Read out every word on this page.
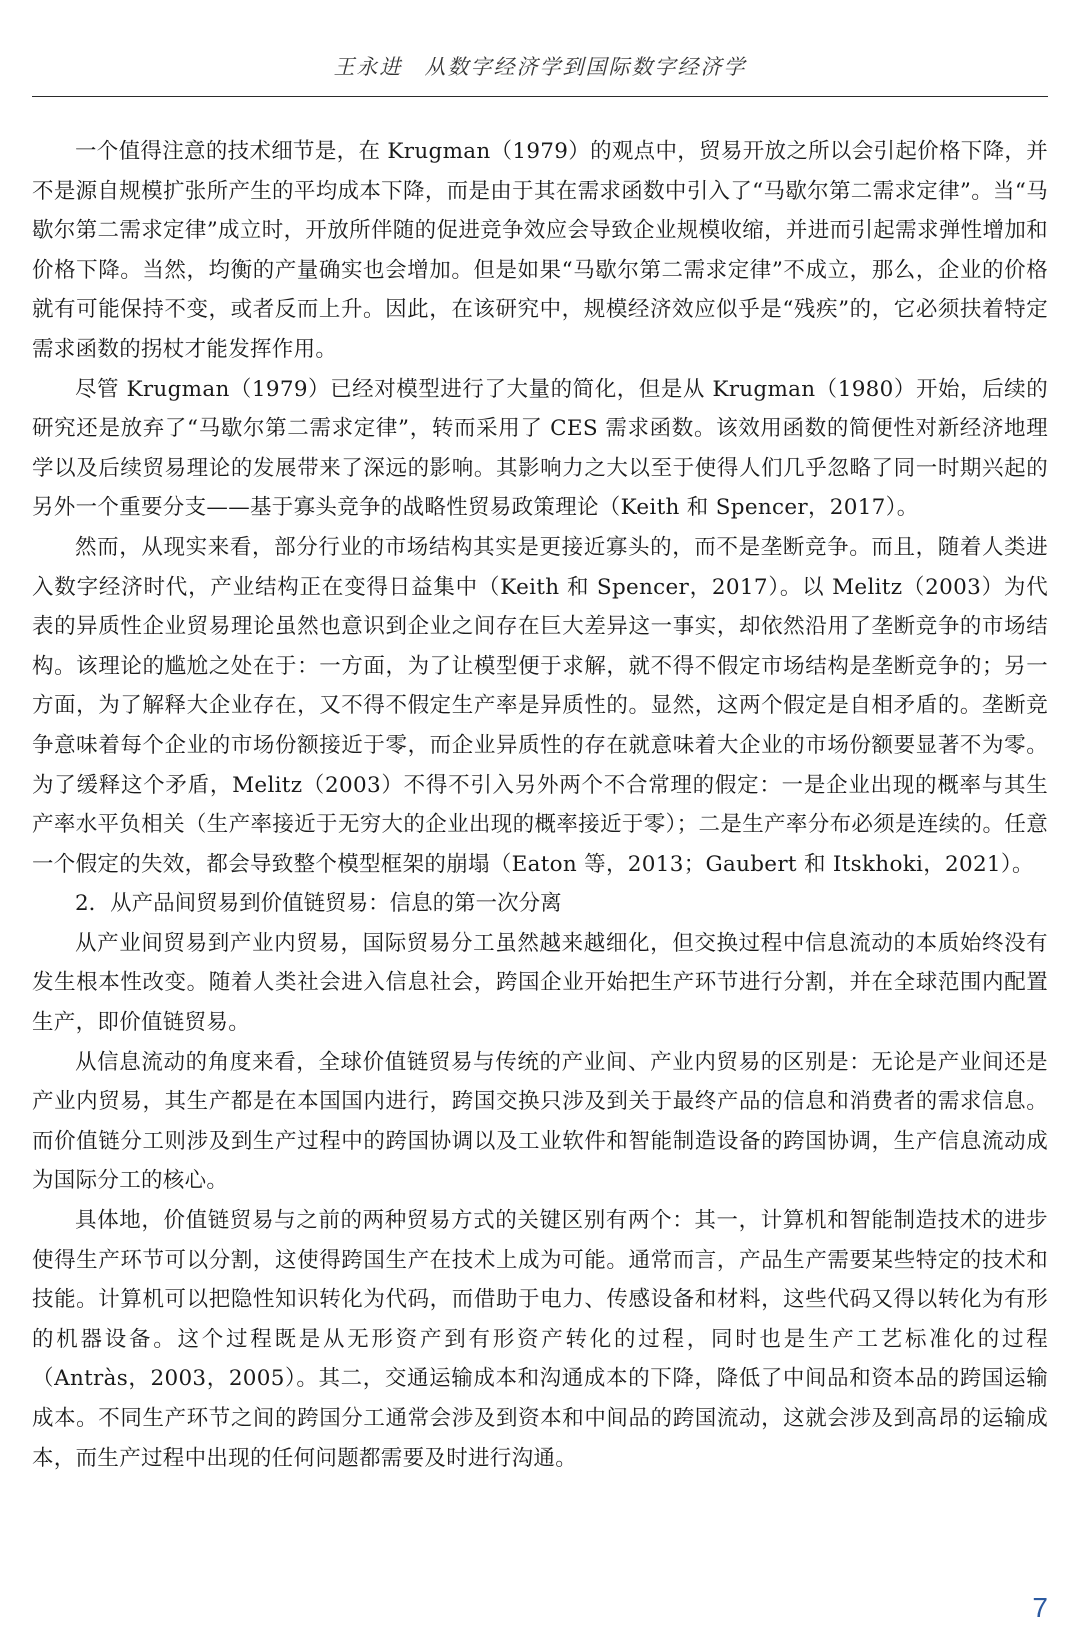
王永进 从数字经济学到国际数字经济学

一个值得注意的技术细节是，在 Krugman（1979）的观点中，贸易开放之所以会引起价格下降，并不是源自规模扩张所产生的平均成本下降，而是由于其在需求函数中引入了“马歇尔第二需求定律”。当“马歇尔第二需求定律”成立时，开放所伴随的促进竞争效应会导致企业规模收缩，并进而引起需求弹性增加和价格下降。当然，均衡的产量确实也会增加。但是如果“马歇尔第二需求定律”不成立，那么，企业的价格就有可能保持不变，或者反而上升。因此，在该研究中，规模经济效应似乎是“残疾”的，它必须扶着特定需求函数的拐杖才能发挥作用。

尽管 Krugman（1979）已经对模型进行了大量的简化，但是从 Krugman（1980）开始，后续的研究还是放弃了“马歇尔第二需求定律”，转而采用了 CES 需求函数。该效用函数的简便性对新经济地理学以及后续贸易理论的发展带来了深远的影响。其影响力之大以至于使得人们几乎忽略了同一时期兴起的另外一个重要分支——基于寡头竞争的战略性贸易政策理论（Keith 和 Spencer，2017）。

然而，从现实来看，部分行业的市场结构其实是更接近寡头的，而不是垄断竞争。而且，随着人类进入数字经济时代，产业结构正在变得日益集中（Keith 和 Spencer，2017）。以 Melitz（2003）为代表的异质性企业贸易理论虽然也意识到企业之间存在巨大差异这一事实，却依然沿用了垄断竞争的市场结构。该理论的尴尬之处在于：一方面，为了让模型便于求解，就不得不假定市场结构是垄断竞争的；另一方面，为了解释大企业存在，又不得不假定生产率是异质性的。显然，这两个假定是自相矛盾的。垄断竞争意味着每个企业的市场份额接近于零，而企业异质性的存在就意味着大企业的市场份额要显著不为零。为了缓释这个矛盾，Melitz（2003）不得不引入另外两个不合常理的假定：一是企业出现的概率与其生产率水平负相关（生产率接近于无穷大的企业出现的概率接近于零）；二是生产率分布必须是连续的。任意一个假定的失效，都会导致整个模型框架的崩塌（Eaton 等，2013；Gaubert 和 Itskhoki，2021）。

2．从产品间贸易到价值链贸易：信息的第一次分离

从产业间贸易到产业内贸易，国际贸易分工虽然越来越细化，但交换过程中信息流动的本质始终没有发生根本性改变。随着人类社会进入信息社会，跨国企业开始把生产环节进行分割，并在全球范围内配置生产，即价值链贸易。

从信息流动的角度来看，全球价值链贸易与传统的产业间、产业内贸易的区别是：无论是产业间还是产业内贸易，其生产都是在本国国内进行，跨国交换只涉及到关于最终产品的信息和消费者的需求信息。而价值链分工则涉及到生产过程中的跨国协调以及工业软件和智能制造设备的跨国协调，生产信息流动成为国际分工的核心。

具体地，价值链贸易与之前的两种贸易方式的关键区别有两个：其一，计算机和智能制造技术的进步使得生产环节可以分割，这使得跨国生产在技术上成为可能。通常而言，产品生产需要某些特定的技术和技能。计算机可以把隐性知识转化为代码，而借助于电力、传感设备和材料，这些代码又得以转化为有形的机器设备。这个过程既是从无形资产到有形资产转化的过程，同时也是生产工艺标准化的过程（Antràs，2003，2005）。其二，交通运输成本和沟通成本的下降，降低了中间品和资本品的跨国运输成本。不同生产环节之间的跨国分工通常会涉及到资本和中间品的跨国流动，这就会涉及到高昂的运输成本，而生产过程中出现的任何问题都需要及时进行沟通。

7
